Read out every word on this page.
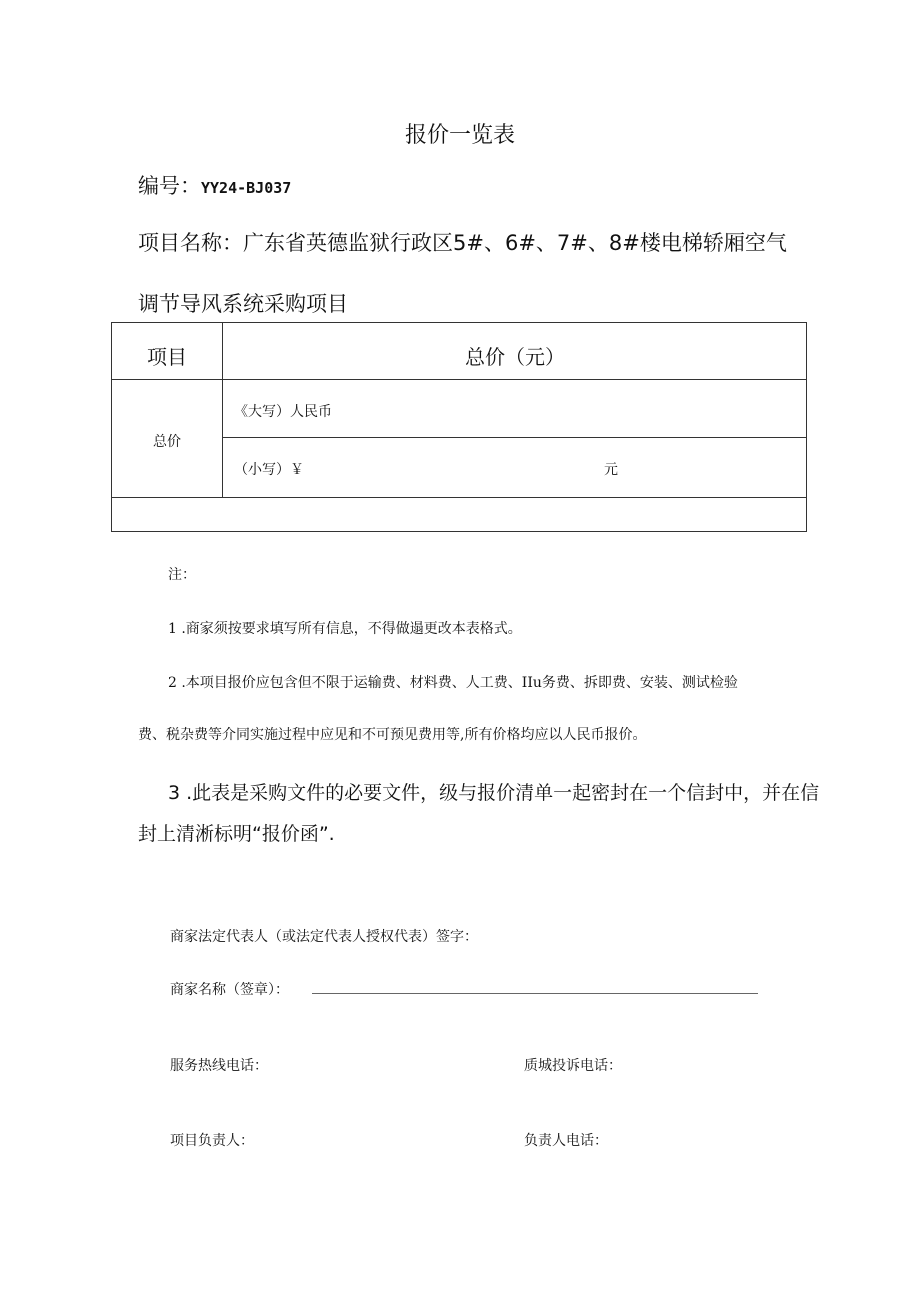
报价一览表
编号：YY24-BJ037
项目名称：广东省英德监狱行政区5#、6#、7#、8#楼电梯轿厢空气
调节导风系统采购项目
项目	总价（元）
总价
《大写）人民币
（小写）￥	元
注：
1 .商家须按要求填写所有信息，不得做遢更改本表格式。
2 .本项目报价应包含但不限于运输费、材料费、人工费、IIu务费、拆即费、安装、测试检验
费、税杂费等介同实施过程中应见和不可预见费用等,所有价格均应以人民币报价。
3 .此表是采购文件的必要文件，级与报价清单一起密封在一个信封中，并在信
封上清淅标明“报价函”.
商家法定代表人（或法定代表人授权代表）签字：
商家名称（签章）：
服务热线电话：	质城投诉电话：
项目负责人：	负责人电话：
